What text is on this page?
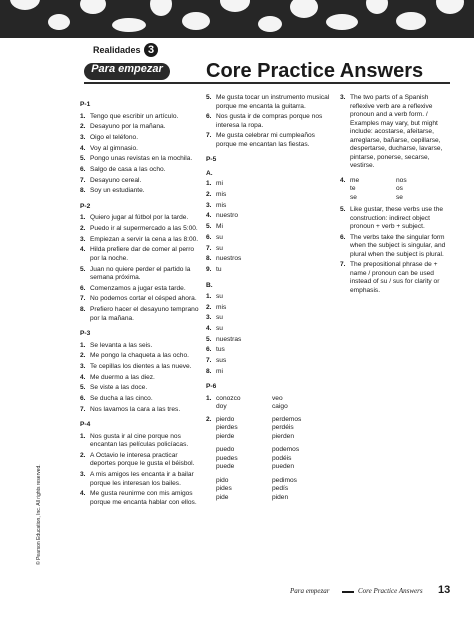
Realidades 3
Para empezar	Core Practice Answers
P-1
1. Tengo que escribir un artículo.
2. Desayuno por la mañana.
3. Oigo el teléfono.
4. Voy al gimnasio.
5. Pongo unas revistas en la mochila.
6. Salgo de casa a las ocho.
7. Desayuno cereal.
8. Soy un estudiante.
P-2
1. Quiero jugar al fútbol por la tarde.
2. Puedo ir al supermercado a las 5:00.
3. Empiezan a servir la cena a las 8:00.
4. Hilda prefiere dar de comer al perro por la noche.
5. Juan no quiere perder el partido la semana próxima.
6. Comenzamos a jugar esta tarde.
7. No podemos cortar el césped ahora.
8. Prefiero hacer el desayuno temprano por la mañana.
P-3
1. Se levanta a las seis.
2. Me pongo la chaqueta a las ocho.
3. Te cepillas los dientes a las nueve.
4. Me duermo a las diez.
5. Se viste a las doce.
6. Se ducha a las cinco.
7. Nos lavamos la cara a las tres.
P-4
1. Nos gusta ir al cine porque nos encantan las películas policíacas.
2. A Octavio le interesa practicar deportes porque le gusta el béisbol.
3. A mis amigos les encanta ir a bailar porque les interesan los bailes.
4. Me gusta reunirme con mis amigos porque me encanta hablar con ellos.
5. Me gusta tocar un instrumento musical porque me encanta la guitarra.
6. Nos gusta ir de compras porque nos interesa la ropa.
7. Me gusta celebrar mi cumpleaños porque me encantan las fiestas.
P-5
A.
1. mi
2. mis
3. mis
4. nuestro
5. Mi
6. su
7. su
8. nuestros
9. tu
B.
1. su
2. mis
3. su
4. su
5. nuestras
6. tus
7. sus
8. mi
P-6
1. conozco	veo
doy	caigo
2. pierdo	perdemos
pierdes	perdéis
pierde	pierden
puedo	podemos
puedes	podéis
puede	pueden
pido	pedimos
pides	pedís
pide	piden
3. The two parts of a Spanish reflexive verb are a reflexive pronoun and a verb form. / Examples may vary, but might include: acostarse, afeitarse, arreglarse, bañarse, cepillarse, despertarse, ducharse, lavarse, pintarse, ponerse, secarse, vestirse.
4. me	nos
te	os
se	se
5. Like gustar, these verbs use the construction: indirect object pronoun + verb + subject.
6. The verbs take the singular form when the subject is singular, and plural when the subject is plural.
7. The prepositional phrase de + name / pronoun can be used instead of su / sus for clarity or emphasis.
Para empezar	Core Practice Answers 13
© Pearson Education, Inc. All rights reserved.
